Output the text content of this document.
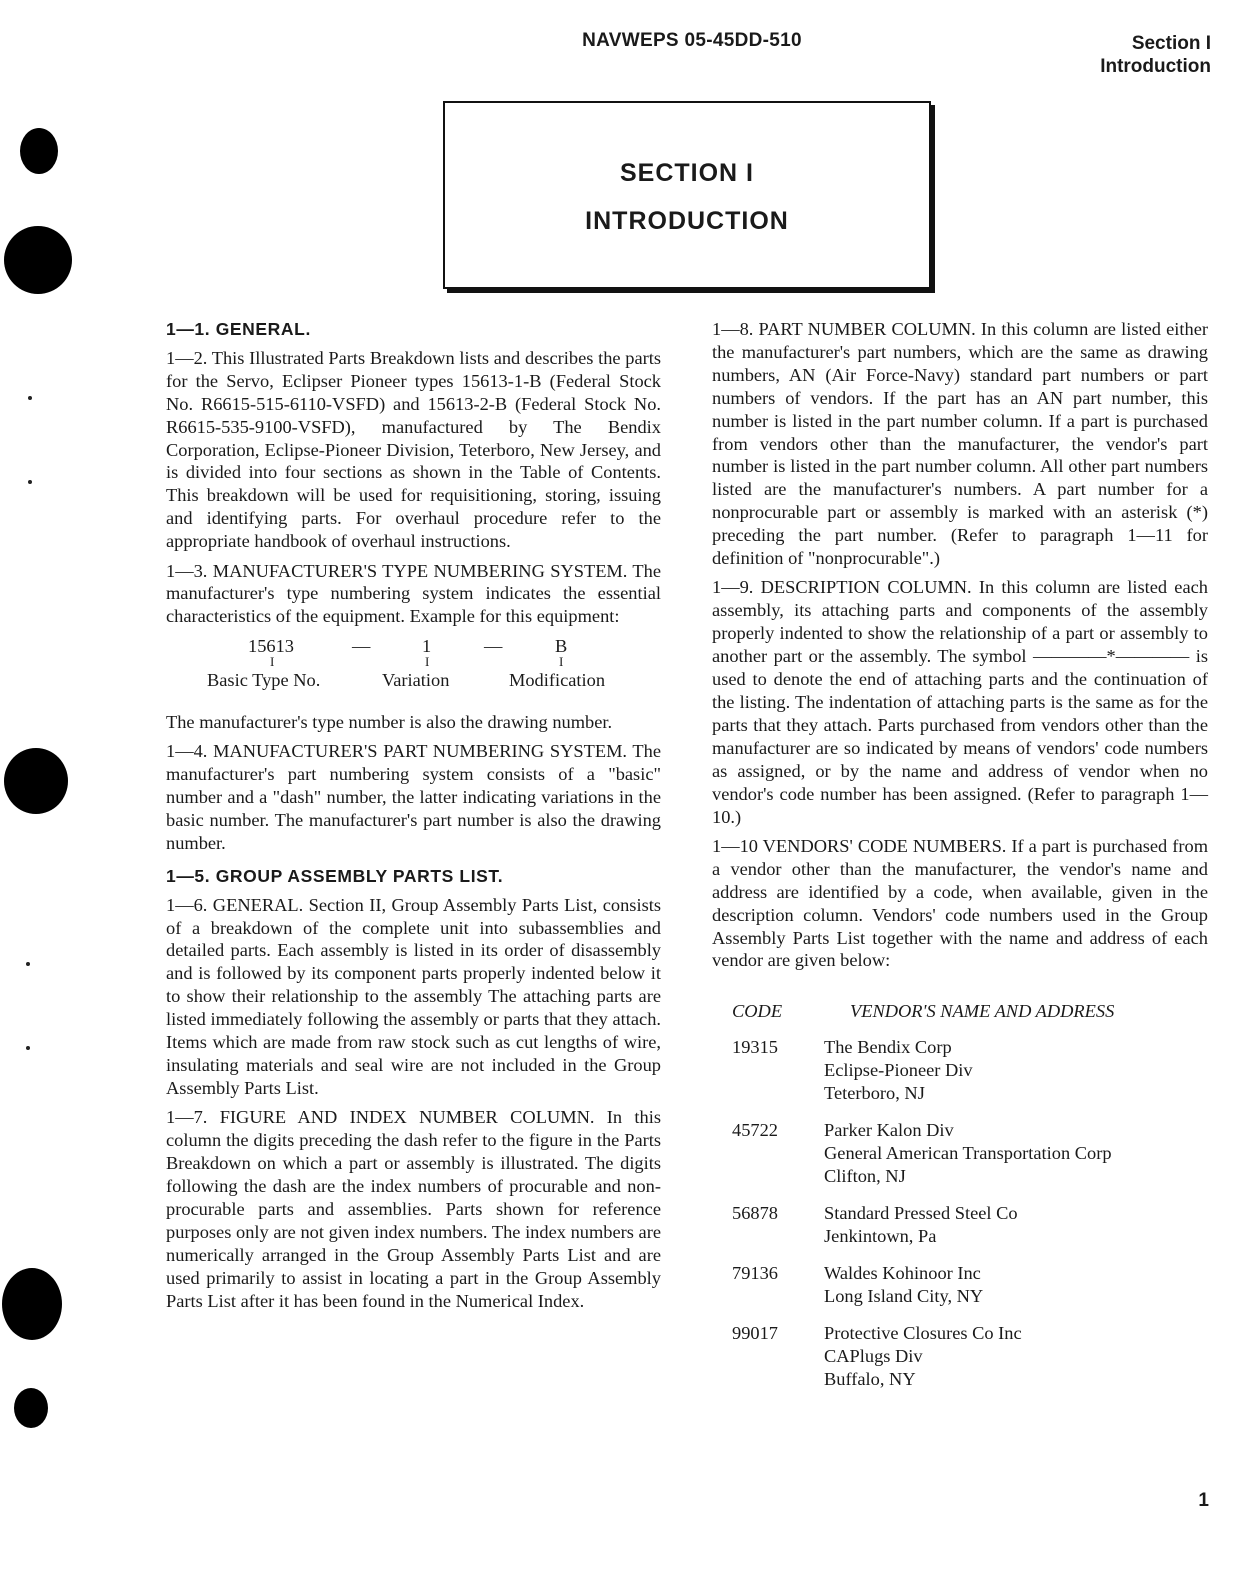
NAVWEPS 05-45DD-510	Section I
Introduction
SECTION I
INTRODUCTION
1—1. GENERAL.

1—2. This Illustrated Parts Breakdown lists and describes the parts for the Servo, Eclipser Pioneer types 15613-1-B (Federal Stock No. R6615-515-6110-VSFD) and 15613-2-B (Federal Stock No. R6615-535-9100-VSFD), manufactured by The Bendix Corporation, Eclipse-Pioneer Division, Teterboro, New Jersey, and is divided into four sections as shown in the Table of Contents. This breakdown will be used for requisitioning, storing, issuing and identifying parts. For overhaul procedure refer to the appropriate handbook of overhaul instructions.

1—3. MANUFACTURER'S TYPE NUMBERING SYSTEM. The manufacturer's type numbering system indicates the essential characteristics of the equipment. Example for this equipment:

15613	—	1	—	B
I	I	I
Basic Type No.	Variation	Modification

The manufacturer's type number is also the drawing number.

1—4. MANUFACTURER'S PART NUMBERING SYSTEM. The manufacturer's part numbering system consists of a "basic" number and a "dash" number, the latter indicating variations in the basic number. The manufacturer's part number is also the drawing number.

1—5. GROUP ASSEMBLY PARTS LIST.

1—6. GENERAL. Section II, Group Assembly Parts List, consists of a breakdown of the complete unit into subassemblies and detailed parts. Each assembly is listed in its order of disassembly and is followed by its component parts properly indented below it to show their relationship to the assembly The attaching parts are listed immediately following the assembly or parts that they attach. Items which are made from raw stock such as cut lengths of wire, insulating materials and seal wire are not included in the Group Assembly Parts List.

1—7. FIGURE AND INDEX NUMBER COLUMN. In this column the digits preceding the dash refer to the figure in the Parts Breakdown on which a part or assembly is illustrated. The digits following the dash are the index numbers of procurable and non-procurable parts and assemblies. Parts shown for reference purposes only are not given index numbers. The index numbers are numerically arranged in the Group Assembly Parts List and are used primarily to assist in locating a part in the Group Assembly Parts List after it has been found in the Numerical Index.

1—8. PART NUMBER COLUMN. In this column are listed either the manufacturer's part numbers, which are the same as drawing numbers, AN (Air Force-Navy) standard part numbers or part numbers of vendors. If the part has an AN part number, this number is listed in the part number column. If a part is purchased from vendors other than the manufacturer, the vendor's part number is listed in the part number column. All other part numbers listed are the manufacturer's numbers. A part number for a nonprocurable part or assembly is marked with an asterisk (*) preceding the part number. (Refer to paragraph 1—11 for definition of "nonprocurable".)

1—9. DESCRIPTION COLUMN. In this column are listed each assembly, its attaching parts and components of the assembly properly indented to show the relationship of a part or assembly to another part or the assembly. The symbol ————*———— is used to denote the end of attaching parts and the continuation of the listing. The indentation of attaching parts is the same as for the parts that they attach. Parts purchased from vendors other than the manufacturer are so indicated by means of vendors' code numbers as assigned, or by the name and address of vendor when no vendor's code number has been assigned. (Refer to paragraph 1—10.)

1—10 VENDORS' CODE NUMBERS. If a part is purchased from a vendor other than the manufacturer, the vendor's name and address are identified by a code, when available, given in the description column. Vendors' code numbers used in the Group Assembly Parts List together with the name and address of each vendor are given below:

CODE	VENDOR'S NAME AND ADDRESS
19315	The Bendix Corp
Eclipse-Pioneer Div
Teterboro, NJ
45722	Parker Kalon Div
General American Transportation Corp
Clifton, NJ
56878	Standard Pressed Steel Co
Jenkintown, Pa
79136	Waldes Kohinoor Inc
Long Island City, NY
99017	Protective Closures Co Inc
CAPlugs Div
Buffalo, NY
1
